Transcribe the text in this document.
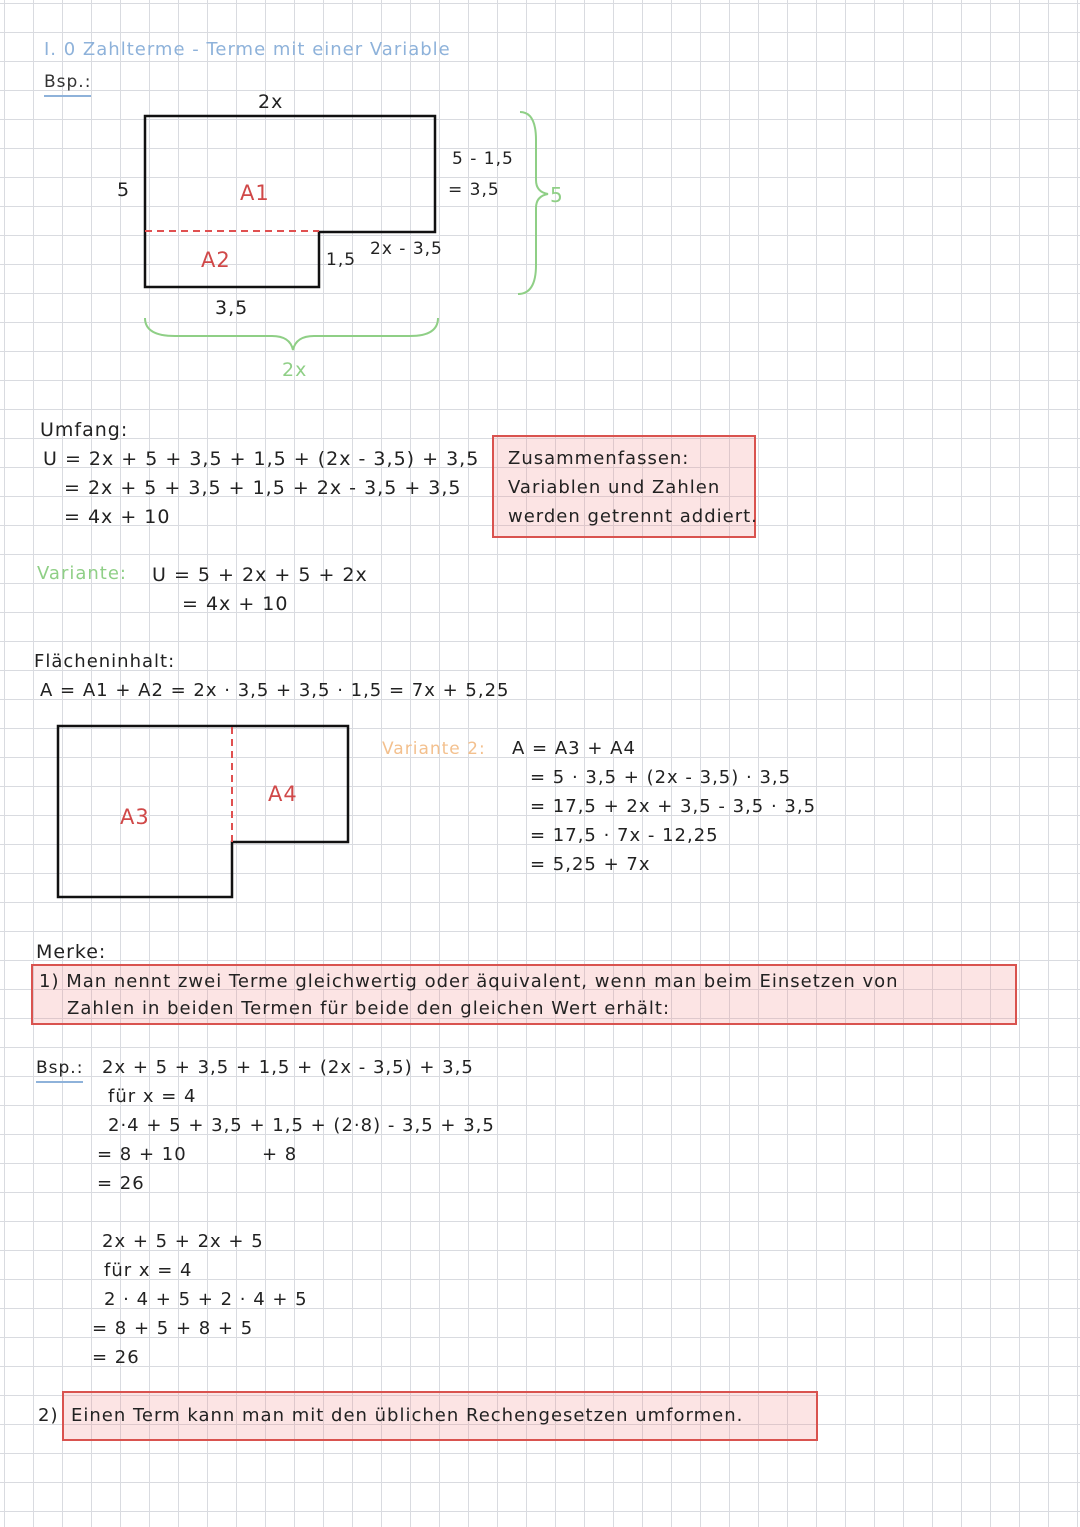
I. 0 Zahlterme - Terme mit einer Variable
Bsp.:
2x
5
5 - 1,5
= 3,5	5
A1
A2	1,5
2x - 3,5
3,5
2x
Umfang:
U = 2x + 5 + 3,5 + 1,5 + (2x - 3,5) + 3,5
= 2x + 5 + 3,5 + 1,5 + 2x - 3,5 + 3,5
= 4x + 10
Zusammenfassen:
Variablen und Zahlen
werden getrennt addiert.
Variante: U = 5 + 2x + 5 + 2x
= 4x + 10
Flächeninhalt:
A = A1 + A2 = 2x · 3,5 + 3,5 · 1,5 = 7x + 5,25
A3
A4
Variante 2: A = A3 + A4
= 5 · 3,5 + (2x - 3,5) · 3,5
= 17,5 + 2x + 3,5 - 3,5 · 3,5
= 17,5 · 7x - 12,25
= 5,25 + 7x
Merke:
1) Man nennt zwei Terme gleichwertig oder äquivalent, wenn man beim Einsetzen von
Zahlen in beiden Termen für beide den gleichen Wert erhält:
Bsp.: 2x + 5 + 3,5 + 1,5 + (2x - 3,5) + 3,5
für x = 4
2·4 + 5 + 3,5 + 1,5 + (2·8) - 3,5 + 3,5
= 8 + 10	+ 8
= 26
2x + 5 + 2x + 5
für x = 4
2 · 4 + 5 + 2 · 4 + 5
= 8 + 5 + 8 + 5
= 26
2) Einen Term kann man mit den üblichen Rechengesetzen umformen.
